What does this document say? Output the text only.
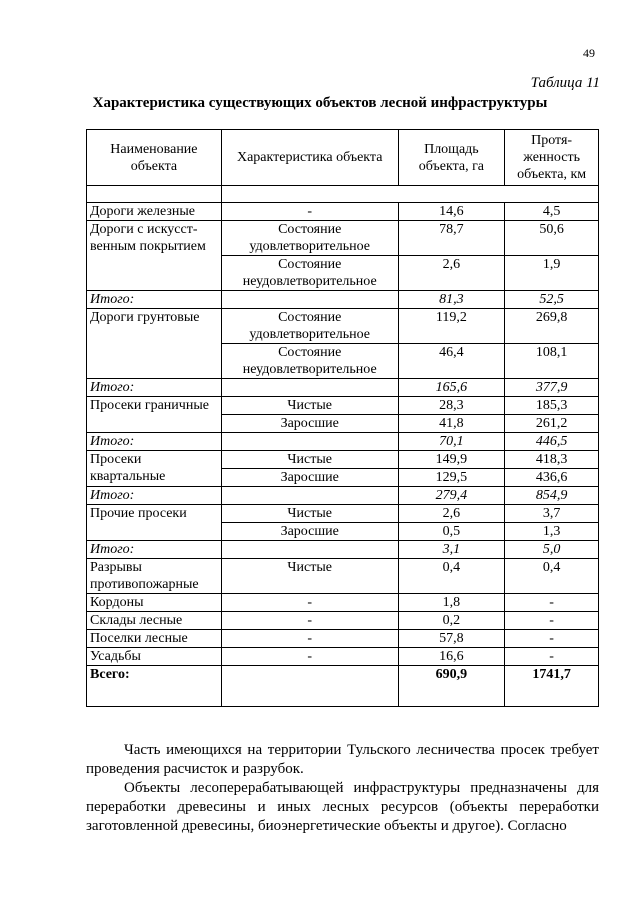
49
Таблица 11
Характеристика существующих объектов лесной инфраструктуры
Наименование объекта	Характеристика объекта	Площадь объекта, га	Протя-женность объекта, км

Дороги железные	-	14,6	4,5
Дороги с искусст-венным покрытием	Состояние удовлетворительное	78,7	50,6
	Состояние неудовлетворительное	2,6	1,9
Итого:		81,3	52,5
Дороги грунтовые	Состояние удовлетворительное	119,2	269,8
	Состояние неудовлетворительное	46,4	108,1
Итого:		165,6	377,9
Просеки граничные	Чистые	28,3	185,3
	Заросшие	41,8	261,2
Итого:		70,1	446,5
Просеки квартальные	Чистые	149,9	418,3
	Заросшие	129,5	436,6
Итого:		279,4	854,9
Прочие просеки	Чистые	2,6	3,7
	Заросшие	0,5	1,3
Итого:		3,1	5,0
Разрывы противопожарные	Чистые	0,4	0,4
Кордоны	-	1,8	-
Склады лесные	-	0,2	-
Поселки лесные	-	57,8	-
Усадьбы	-	16,6	-
Всего:		690,9	1741,7

Часть имеющихся на территории Тульского лесничества просек требует проведения расчисток и разрубок.

Объекты лесоперерабатывающей инфраструктуры предназначены для переработки древесины и иных лесных ресурсов (объекты переработки заготовленной древесины, биоэнергетические объекты и другое). Согласно
